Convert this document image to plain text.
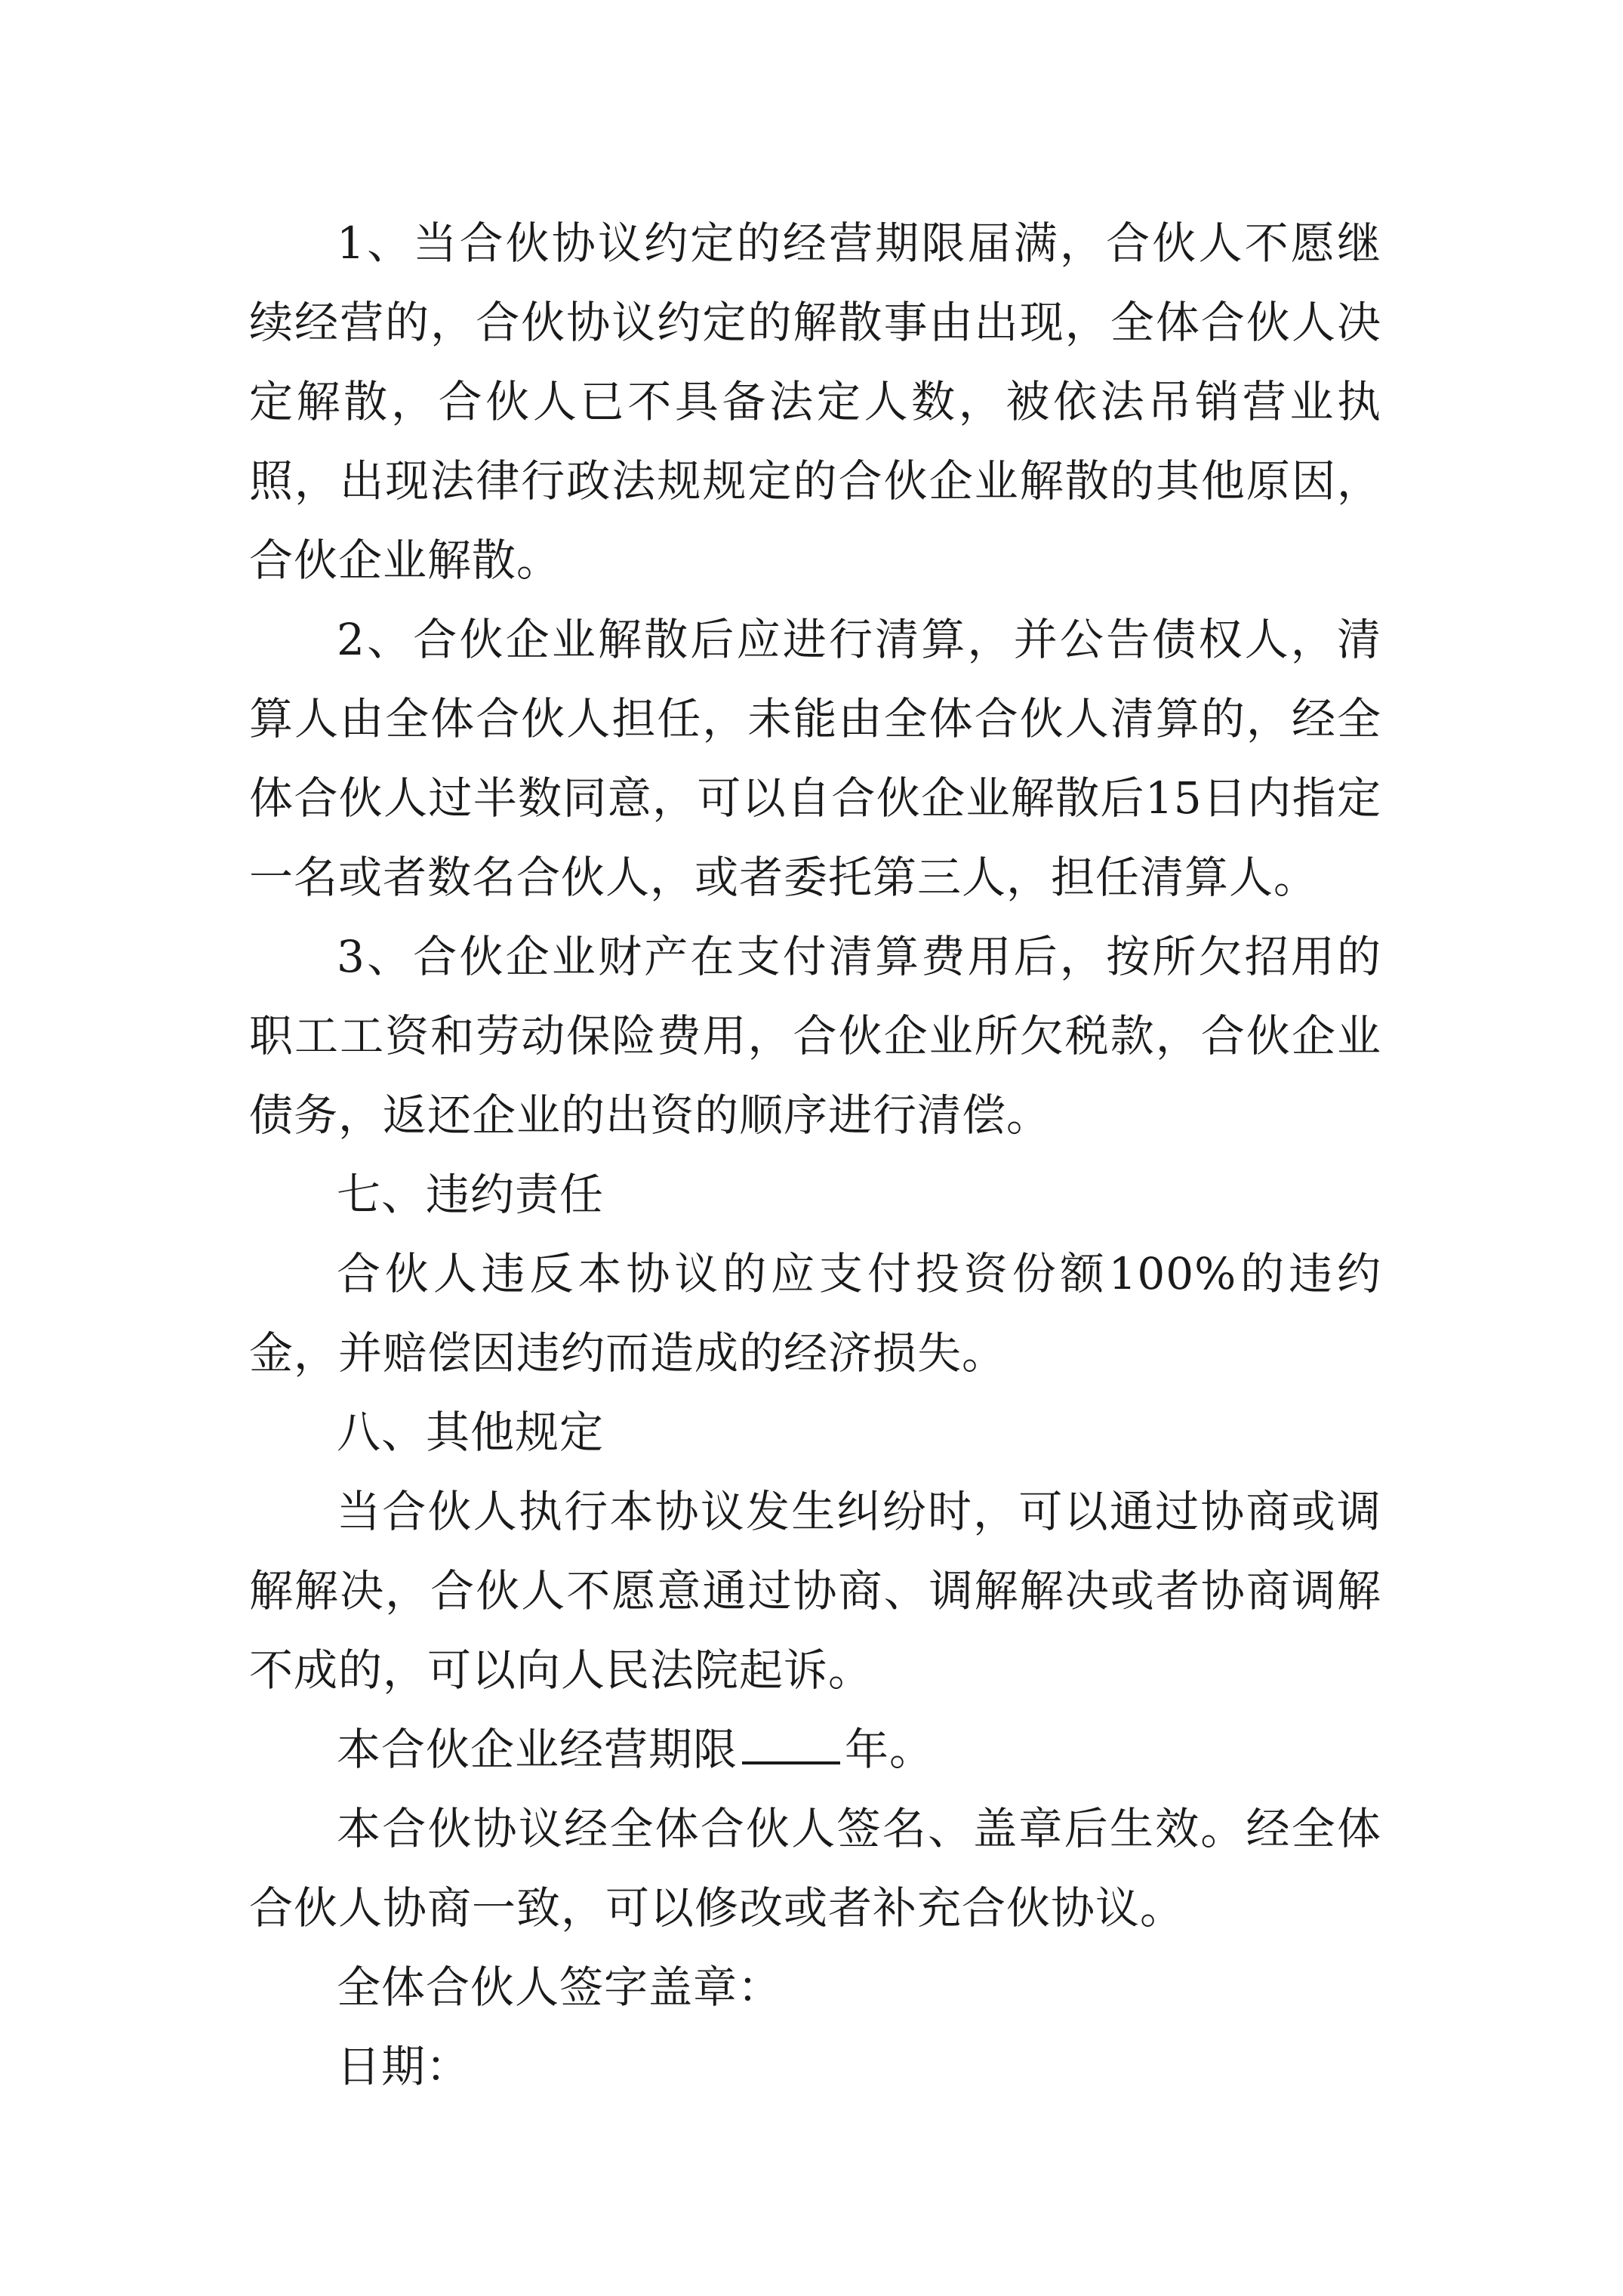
1、当合伙协议约定的经营期限届满，合伙人不愿继续经营的，合伙协议约定的解散事由出现，全体合伙人决定解散，合伙人已不具备法定人数，被依法吊销营业执照，出现法律行政法规规定的合伙企业解散的其他原因，合伙企业解散。

2、合伙企业解散后应进行清算，并公告债权人，清算人由全体合伙人担任，未能由全体合伙人清算的，经全体合伙人过半数同意，可以自合伙企业解散后15日内指定一名或者数名合伙人，或者委托第三人，担任清算人。

3、合伙企业财产在支付清算费用后，按所欠招用的职工工资和劳动保险费用，合伙企业所欠税款，合伙企业债务，返还企业的出资的顺序进行清偿。

七、违约责任

合伙人违反本协议的应支付投资份额100%的违约金，并赔偿因违约而造成的经济损失。

八、其他规定

当合伙人执行本协议发生纠纷时，可以通过协商或调解解决，合伙人不愿意通过协商、调解解决或者协商调解不成的，可以向人民法院起诉。

本合伙企业经营期限 年。

本合伙协议经全体合伙人签名、盖章后生效。经全体合伙人协商一致，可以修改或者补充合伙协议。

全体合伙人签字盖章：

日期：
